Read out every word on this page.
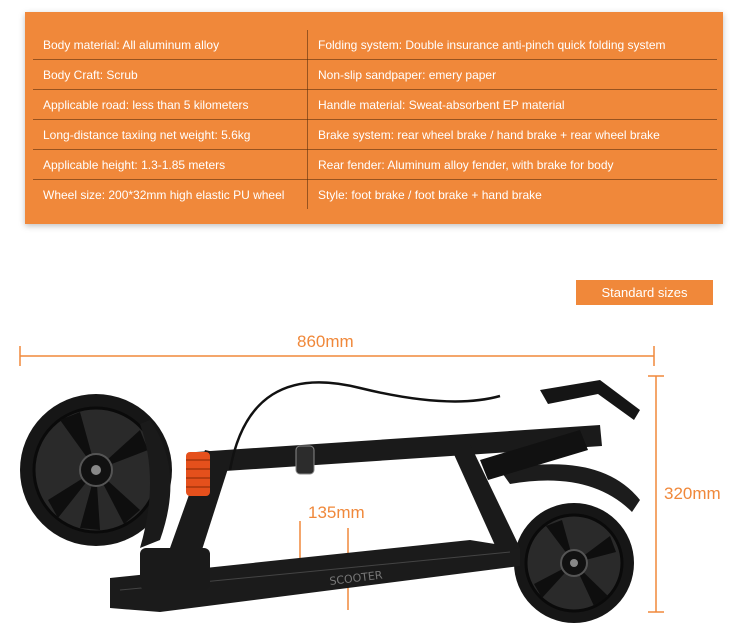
Body material: All aluminum alloy	Folding system: Double insurance anti-pinch quick folding system
Body Craft: Scrub	Non-slip sandpaper: emery paper
Applicable road: less than 5 kilometers	Handle material: Sweat-absorbent EP material
Long-distance taxiing net weight: 5.6kg	Brake system: rear wheel brake / hand brake + rear wheel brake
Applicable height: 1.3-1.85 meters	Rear fender: Aluminum alloy fender, with brake for body
Wheel size: 200*32mm high elastic PU wheel	Style: foot brake / foot brake + hand brake
Standard sizes
SCOOTER
860mm
320mm
135mm
